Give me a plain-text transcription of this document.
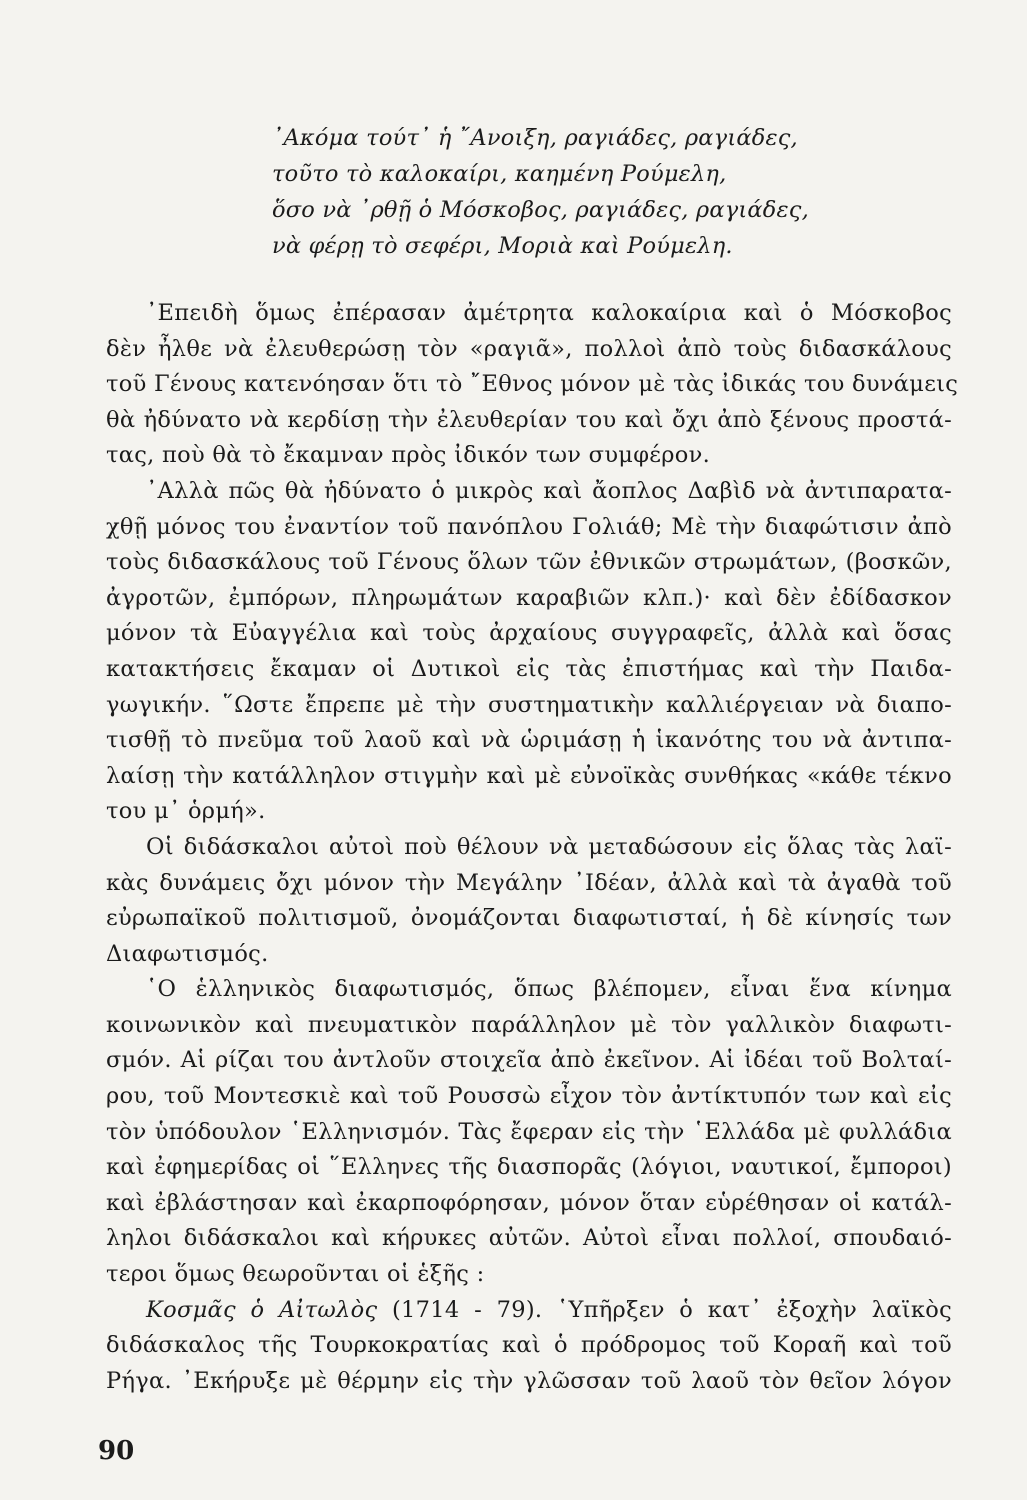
᾿Ακόμα τούτ᾿ ἡ ῎Ανοιξη, ραγιάδες, ραγιάδες,
τοῦτο τὸ καλοκαίρι, καημένη Ρούμελη,
ὅσο νὰ ᾿ρθῇ ὁ Μόσκοβος, ραγιάδες, ραγιάδες,
νὰ φέρῃ τὸ σεφέρι, Μοριὰ καὶ Ρούμελη.
᾿Επειδὴ ὅμως ἐπέρασαν ἀμέτρητα καλοκαίρια καὶ ὁ Μόσκοβος
δὲν ἦλθε νὰ ἐλευθερώσῃ τὸν «ραγιᾶ», πολλοὶ ἀπὸ τοὺς διδασκάλους
τοῦ Γένους κατενόησαν ὅτι τὸ ῎Εθνος μόνον μὲ τὰς ἰδικάς του δυνάμεις
θὰ ἠδύνατο νὰ κερδίσῃ τὴν ἐλευθερίαν του καὶ ὄχι ἀπὸ ξένους προστά-
τας, ποὺ θὰ τὸ ἔκαμναν πρὸς ἰδικόν των συμφέρον.
᾿Αλλὰ πῶς θὰ ἠδύνατο ὁ μικρὸς καὶ ἄοπλος Δαβὶδ νὰ ἀντιπαρατα-
χθῇ μόνος του ἐναντίον τοῦ πανόπλου Γολιάθ; Μὲ τὴν διαφώτισιν ἀπὸ
τοὺς διδασκάλους τοῦ Γένους ὅλων τῶν ἐθνικῶν στρωμάτων, (βοσκῶν,
ἀγροτῶν, ἐμπόρων, πληρωμάτων καραβιῶν κλπ.)· καὶ δὲν ἐδίδασκον
μόνον τὰ Εὐαγγέλια καὶ τοὺς ἀρχαίους συγγραφεῖς, ἀλλὰ καὶ ὅσας
κατακτήσεις ἔκαμαν οἱ Δυτικοὶ εἰς τὰς ἐπιστήμας καὶ τὴν Παιδα-
γωγικήν. ῞Ωστε ἔπρεπε μὲ τὴν συστηματικὴν καλλιέργειαν νὰ διαπο-
τισθῇ τὸ πνεῦμα τοῦ λαοῦ καὶ νὰ ὡριμάσῃ ἡ ἱκανότης του νὰ ἀντιπα-
λαίσῃ τὴν κατάλληλον στιγμὴν καὶ μὲ εὐνοϊκὰς συνθήκας «κάθε τέκνο
του μ᾿ ὁρμή».
Οἱ διδάσκαλοι αὐτοὶ ποὺ θέλουν νὰ μεταδώσουν εἰς ὅλας τὰς λαϊ-
κὰς δυνάμεις ὄχι μόνον τὴν Μεγάλην ᾿Ιδέαν, ἀλλὰ καὶ τὰ ἀγαθὰ τοῦ
εὐρωπαϊκοῦ πολιτισμοῦ, ὀνομάζονται διαφωτισταί, ἡ δὲ κίνησίς των
Διαφωτισμός.
῾Ο ἑλληνικὸς διαφωτισμός, ὅπως βλέπομεν, εἶναι ἕνα κίνημα
κοινωνικὸν καὶ πνευματικὸν παράλληλον μὲ τὸν γαλλικὸν διαφωτι-
σμόν. Αἱ ρίζαι του ἀντλοῦν στοιχεῖα ἀπὸ ἐκεῖνον. Αἱ ἰδέαι τοῦ Βολταί-
ρου, τοῦ Μοντεσκιὲ καὶ τοῦ Ρουσσὼ εἶχον τὸν ἀντίκτυπόν των καὶ εἰς
τὸν ὑπόδουλον ῾Ελληνισμόν. Τὰς ἔφεραν εἰς τὴν ῾Ελλάδα μὲ φυλλάδια
καὶ ἐφημερίδας οἱ ῞Ελληνες τῆς διασπορᾶς (λόγιοι, ναυτικοί, ἔμποροι)
καὶ ἐβλάστησαν καὶ ἐκαρποφόρησαν, μόνον ὅταν εὑρέθησαν οἱ κατάλ-
ληλοι διδάσκαλοι καὶ κήρυκες αὐτῶν. Αὐτοὶ εἶναι πολλοί, σπουδαιό-
τεροι ὅμως θεωροῦνται οἱ ἑξῆς :
Κοσμᾶς ὁ Αἰτωλὸς (1714 - 79). ῾Υπῆρξεν ὁ κατ᾿ ἐξοχὴν λαϊκὸς
διδάσκαλος τῆς Τουρκοκρατίας καὶ ὁ πρόδρομος τοῦ Κοραῆ καὶ τοῦ
Ρήγα. ᾿Εκήρυξε μὲ θέρμην εἰς τὴν γλῶσσαν τοῦ λαοῦ τὸν θεῖον λόγον
90
